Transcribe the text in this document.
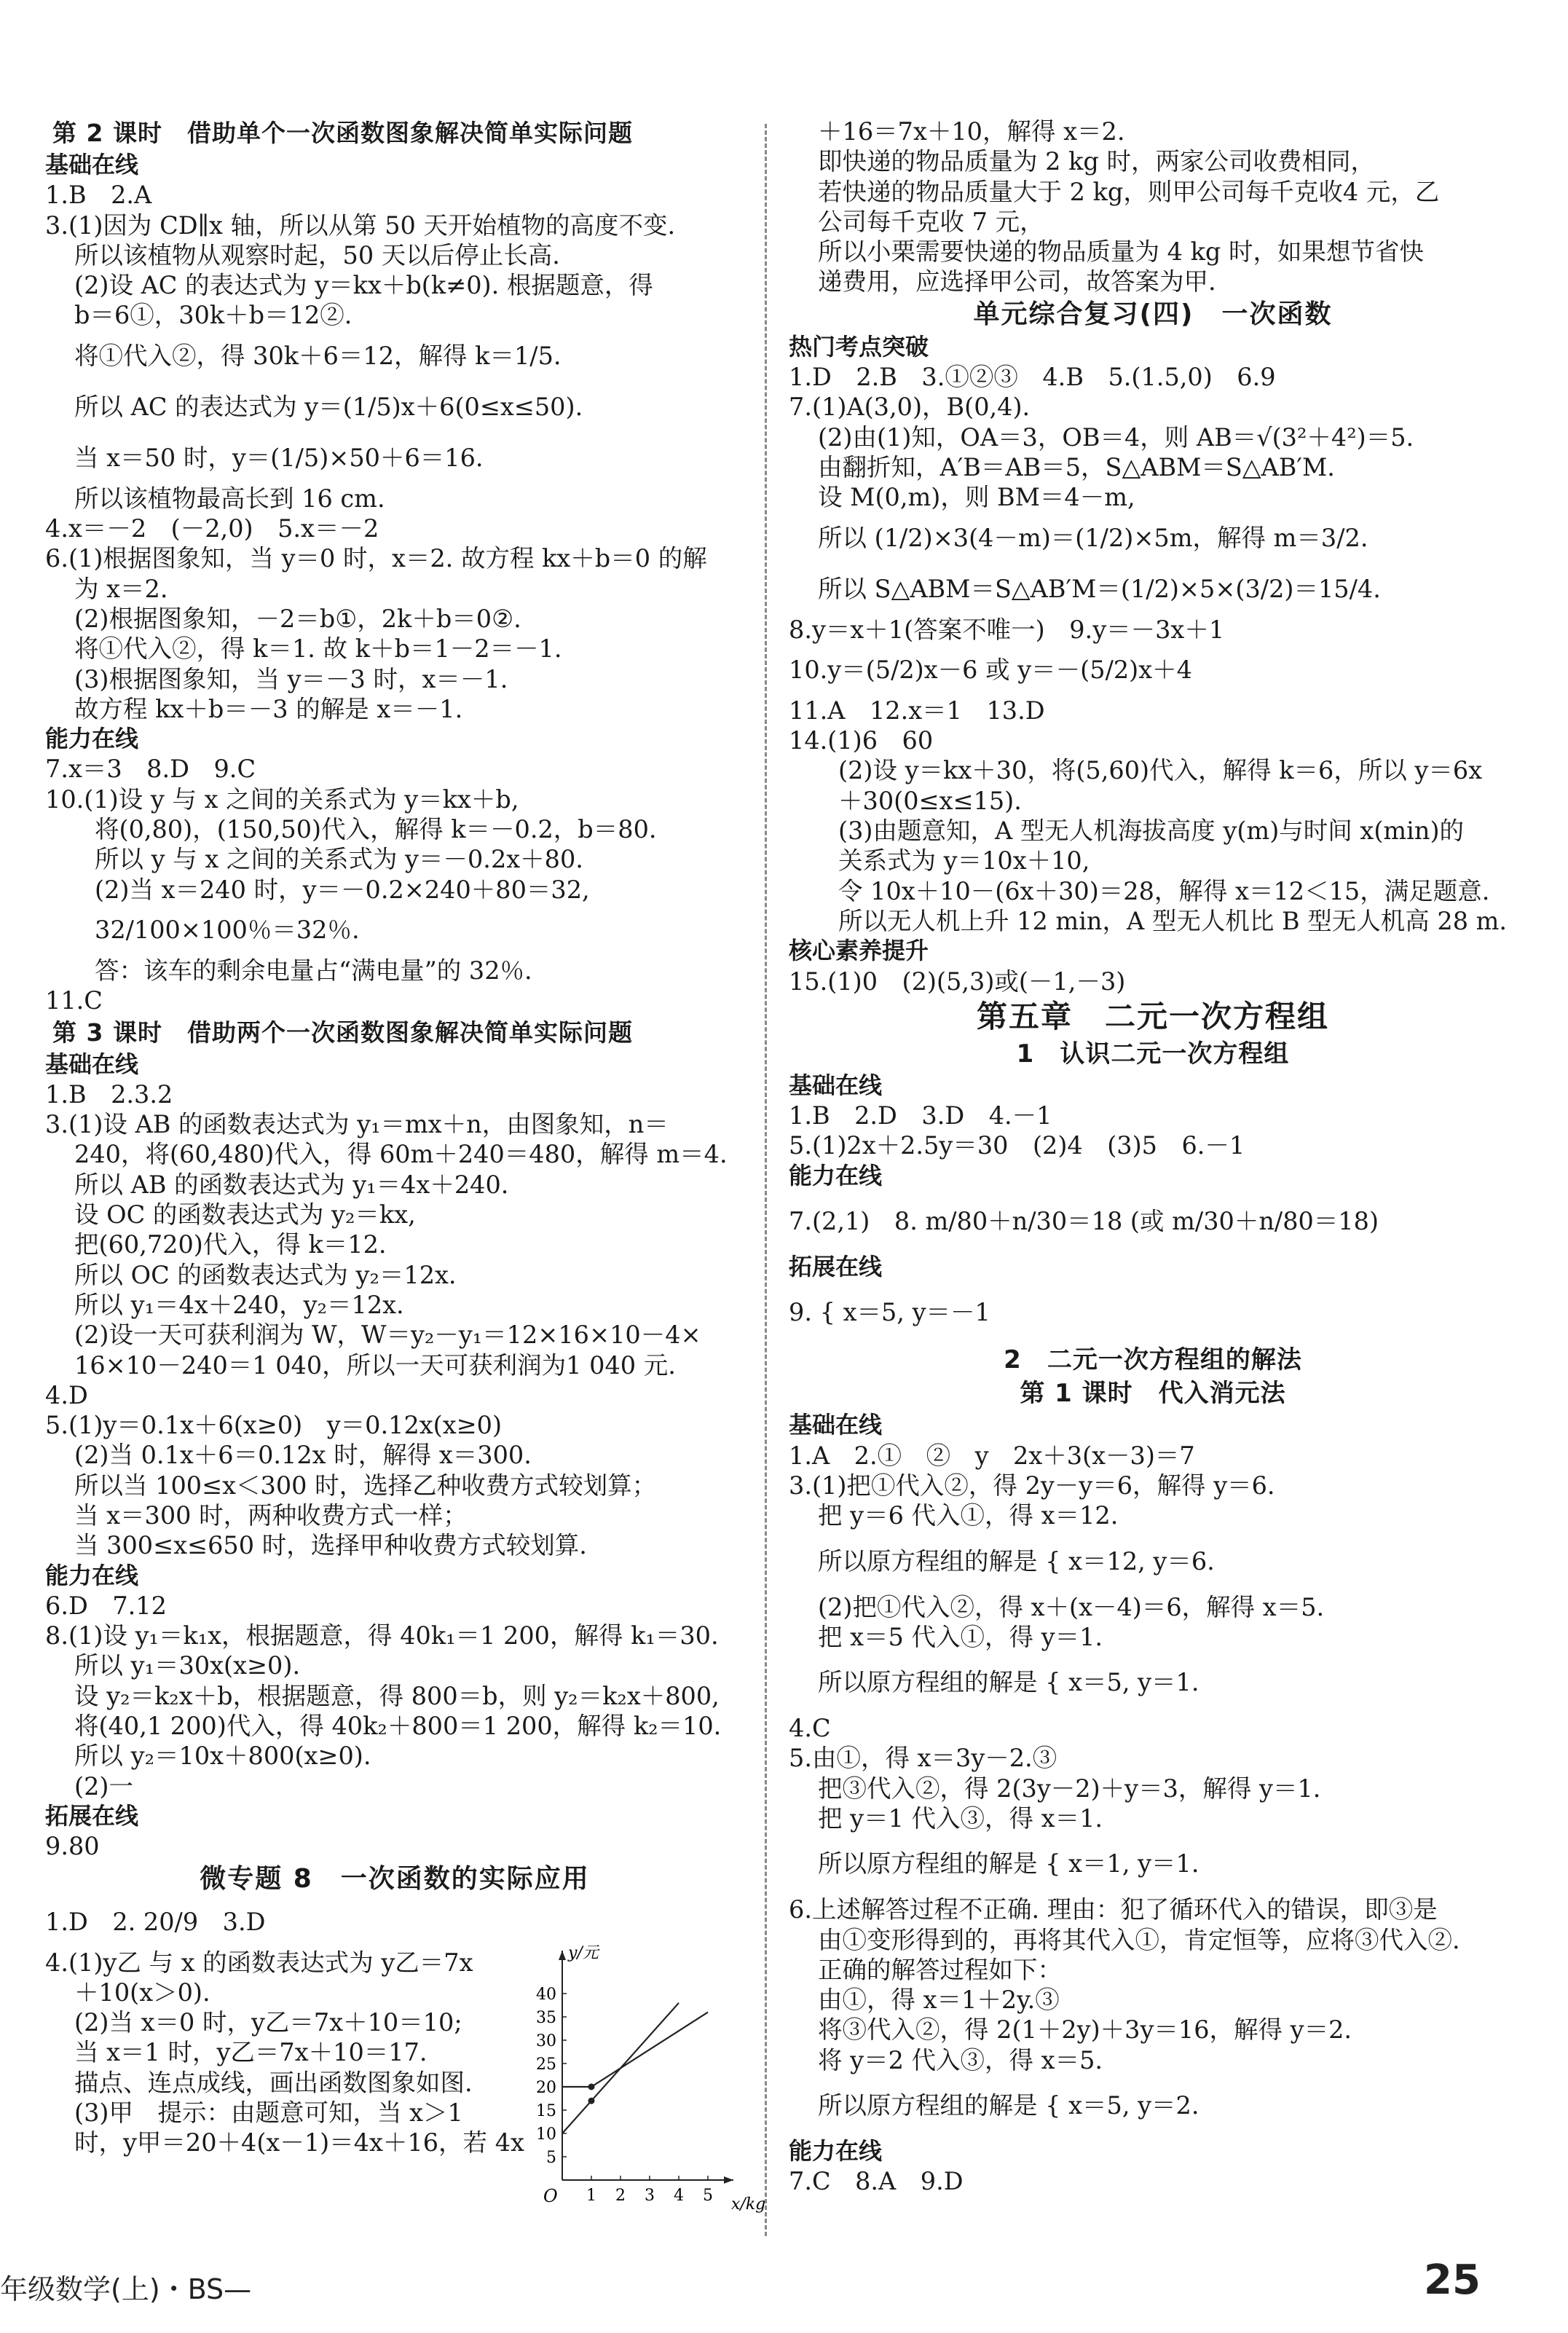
第 2 课时　借助单个一次函数图象解决简单实际问题
基础在线
1.B　2.A
3.(1)因为 CD∥x 轴，所以从第 50 天开始植物的高度不变.
所以该植物从观察时起，50 天以后停止长高.
(2)设 AC 的表达式为 y＝kx＋b(k≠0). 根据题意，得
b＝6①，30k＋b＝12②.
将①代入②，得 30k＋6＝12，解得 k＝1/5.
所以 AC 的表达式为 y＝(1/5)x＋6(0≤x≤50).
当 x＝50 时，y＝(1/5)×50＋6＝16.
所以该植物最高长到 16 cm.
4.x＝－2　(－2,0)　5.x＝－2
6.(1)根据图象知，当 y＝0 时，x＝2. 故方程 kx＋b＝0 的解
为 x＝2.
(2)根据图象知，－2＝b①，2k＋b＝0②.
将①代入②，得 k＝1. 故 k＋b＝1－2＝－1.
(3)根据图象知，当 y＝－3 时，x＝－1.
故方程 kx＋b＝－3 的解是 x＝－1.
能力在线
7.x＝3　8.D　9.C
10.(1)设 y 与 x 之间的关系式为 y＝kx＋b,
将(0,80)，(150,50)代入，解得 k＝－0.2，b＝80.
所以 y 与 x 之间的关系式为 y＝－0.2x＋80.
(2)当 x＝240 时，y＝－0.2×240＋80＝32,
32/100×100％＝32％.
答：该车的剩余电量占“满电量”的 32％.
11.C
第 3 课时　借助两个一次函数图象解决简单实际问题
基础在线
1.B　2.3.2
3.(1)设 AB 的函数表达式为 y₁＝mx＋n，由图象知，n＝
240，将(60,480)代入，得 60m＋240＝480，解得 m＝4.
所以 AB 的函数表达式为 y₁＝4x＋240.
设 OC 的函数表达式为 y₂＝kx,
把(60,720)代入，得 k＝12.
所以 OC 的函数表达式为 y₂＝12x.
所以 y₁＝4x＋240，y₂＝12x.
(2)设一天可获利润为 W，W＝y₂－y₁＝12×16×10－4×
16×10－240＝1 040，所以一天可获利润为1 040 元.
4.D
5.(1)y＝0.1x＋6(x≥0)　y＝0.12x(x≥0)
(2)当 0.1x＋6＝0.12x 时，解得 x＝300.
所以当 100≤x＜300 时，选择乙种收费方式较划算；
当 x＝300 时，两种收费方式一样；
当 300≤x≤650 时，选择甲种收费方式较划算.
能力在线
6.D　7.12
8.(1)设 y₁＝k₁x，根据题意，得 40k₁＝1 200，解得 k₁＝30.
所以 y₁＝30x(x≥0).
设 y₂＝k₂x＋b，根据题意，得 800＝b，则 y₂＝k₂x＋800,
将(40,1 200)代入，得 40k₂＋800＝1 200，解得 k₂＝10.
所以 y₂＝10x＋800(x≥0).
(2)一
拓展在线
9.80
微专题 8　一次函数的实际应用
1.D　2. 20/9　3.D
4.(1)y乙 与 x 的函数表达式为 y乙＝7x
＋10(x＞0).
(2)当 x＝0 时，y乙＝7x＋10＝10;
当 x＝1 时，y乙＝7x＋10＝17.
描点、连点成线，画出函数图象如图.
(3)甲　提示：由题意可知，当 x＞1
时，y甲＝20＋4(x－1)＝4x＋16，若 4x
＋16＝7x＋10，解得 x＝2.
即快递的物品质量为 2 kg 时，两家公司收费相同，
若快递的物品质量大于 2 kg，则甲公司每千克收4 元，乙
公司每千克收 7 元，
所以小栗需要快递的物品质量为 4 kg 时，如果想节省快
递费用，应选择甲公司，故答案为甲.
单元综合复习(四)　一次函数
热门考点突破
1.D　2.B　3.①②③　4.B　5.(1.5,0)　6.9
7.(1)A(3,0)，B(0,4).
(2)由(1)知，OA＝3，OB＝4，则 AB＝√(3²＋4²)＝5.
由翻折知，A′B＝AB＝5，S△ABM＝S△AB′M.
设 M(0,m)，则 BM＝4－m,
所以 (1/2)×3(4－m)＝(1/2)×5m，解得 m＝3/2.
所以 S△ABM＝S△AB′M＝(1/2)×5×(3/2)＝15/4.
8.y＝x＋1(答案不唯一)　9.y＝－3x＋1
10.y＝(5/2)x－6 或 y＝－(5/2)x＋4
11.A　12.x＝1　13.D
14.(1)6　60
(2)设 y＝kx＋30，将(5,60)代入，解得 k＝6，所以 y＝6x
＋30(0≤x≤15).
(3)由题意知，A 型无人机海拔高度 y(m)与时间 x(min)的
关系式为 y＝10x＋10,
令 10x＋10－(6x＋30)＝28，解得 x＝12＜15，满足题意.
所以无人机上升 12 min，A 型无人机比 B 型无人机高 28 m.
核心素养提升
15.(1)0　(2)(5,3)或(－1,－3)
第五章　二元一次方程组
1　认识二元一次方程组
基础在线
1.B　2.D　3.D　4.－1
5.(1)2x＋2.5y＝30　(2)4　(3)5　6.－1
能力在线
7.(2,1)　8. m/80＋n/30＝18 (或 m/30＋n/80＝18)
拓展在线
9. { x＝5, y＝－1
2　二元一次方程组的解法
第 1 课时　代入消元法
基础在线
1.A　2.①　②　y　2x＋3(x－3)＝7
3.(1)把①代入②，得 2y－y＝6，解得 y＝6.
把 y＝6 代入①，得 x＝12.
所以原方程组的解是 { x＝12, y＝6.
(2)把①代入②，得 x＋(x－4)＝6，解得 x＝5.
把 x＝5 代入①，得 y＝1.
所以原方程组的解是 { x＝5, y＝1.
4.C
5.由①，得 x＝3y－2.③
把③代入②，得 2(3y－2)＋y＝3，解得 y＝1.
把 y＝1 代入③，得 x＝1.
所以原方程组的解是 { x＝1, y＝1.
6.上述解答过程不正确. 理由：犯了循环代入的错误，即③是
由①变形得到的，再将其代入①，肯定恒等，应将③代入②.
正确的解答过程如下：
由①，得 x＝1＋2y.③
将③代入②，得 2(1＋2y)＋3y＝16，解得 y＝2.
将 y＝2 代入③，得 x＝5.
所以原方程组的解是 { x＝5, y＝2.
能力在线
7.C　8.A　9.D
1 2 3 4 5
5
10
15
20
25
30
35
40
O	x/kg
y/元
年级数学(上)・BS—	25
